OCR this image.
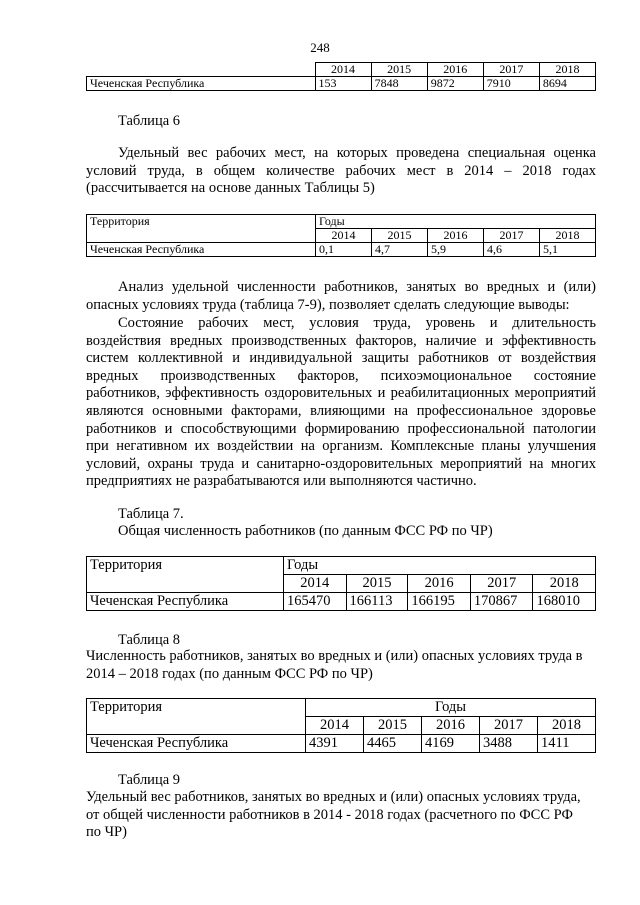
248
	2014	2015	2016	2017	2018
Чеченская Республика	153	7848	9872	7910	8694
Таблица 6
Удельный вес рабочих мест, на которых проведена специальная оценка условий труда, в общем количестве рабочих мест в 2014 – 2018 годах (рассчитывается на основе данных Таблицы 5)
Территория	Годы				
	2014	2015	2016	2017	2018
Чеченская Республика	0,1	4,7	5,9	4,6	5,1
Анализ удельной численности работников, занятых во вредных и (или) опасных условиях труда (таблица 7-9), позволяет сделать следующие выводы:
Состояние рабочих мест, условия труда, уровень и длительность воздействия вредных производственных факторов, наличие и эффективность систем коллективной и индивидуальной защиты работников от воздействия вредных производственных факторов, психоэмоциональное состояние работников, эффективность оздоровительных и реабилитационных мероприятий являются основными факторами, влияющими на профессиональное здоровье работников и способствующими формированию профессиональной патологии при негативном их воздействии на организм. Комплексные планы улучшения условий, охраны труда и санитарно-оздоровительных мероприятий на многих предприятиях не разрабатываются или выполняются частично.
Таблица 7.
Общая численность работников (по данным ФСС РФ по ЧР)
Территория	Годы				
	2014	2015	2016	2017	2018
Чеченская Республика	165470	166113	166195	170867	168010
Таблица 8
Численность работников, занятых во вредных и (или) опасных условиях труда в 2014 – 2018 годах (по данным ФСС РФ по ЧР)
Территория	Годы				
	2014	2015	2016	2017	2018
Чеченская Республика	4391	4465	4169	3488	1411
Таблица 9
Удельный вес работников, занятых во вредных и (или) опасных условиях труда, от общей численности работников в 2014 - 2018 годах (расчетного по ФСС РФ по ЧР)
